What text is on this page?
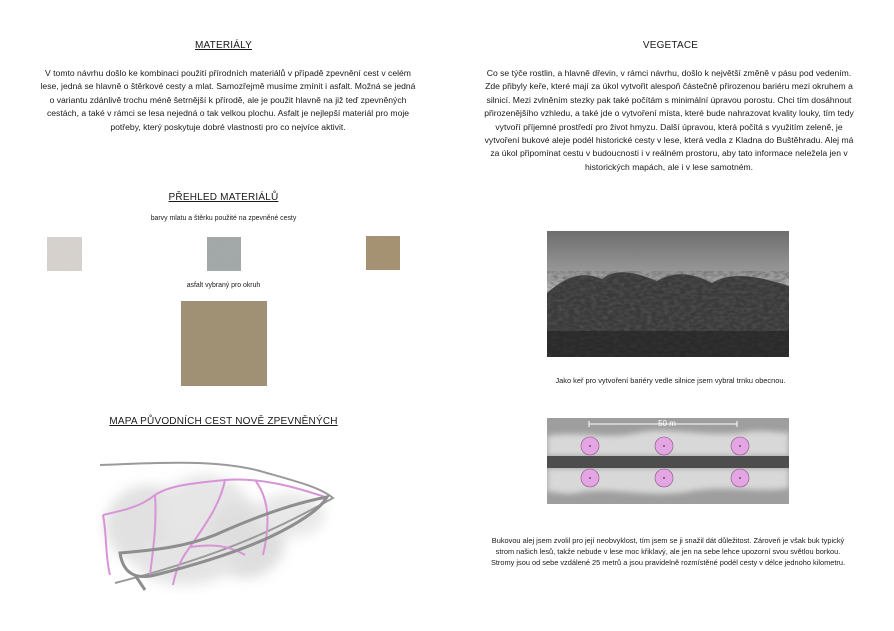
MATERIÁLY
V tomto návrhu došlo ke kombinaci použití přírodních materiálů v případě zpevnění cest v celém lese, jedná se hlavně o štěrkové cesty a mlat. Samozřejmě musíme zmínit i asfalt. Možná se jedná o variantu zdánlivě trochu méně šetrnější k přírodě, ale je použit hlavně na již teď zpevněných cestách, a také v rámci se lesa nejedná o tak velkou plochu. Asfalt je nejlepší materiál pro moje potřeby, který poskytuje dobré vlastnosti pro co nejvíce aktivit.
PŘEHLED MATERIÁLŮ
barvy mlatu a štěrku použité na zpevněné cesty
asfalt vybraný pro okruh
MAPA PŮVODNÍCH CEST NOVĚ ZPEVNĚNÝCH
VEGETACE
Co se týče rostlin, a hlavně dřevin, v rámci návrhu, došlo k největší změně v pásu pod vedením. Zde přibyly keře, které mají za úkol vytvořit alespoň částečně přirozenou bariéru mezi okruhem a silnicí. Mezi zvlněním stezky pak také počítám s minimální úpravou porostu. Chci tím dosáhnout přirozenějšího vzhledu, a také jde o vytvoření místa, které bude nahrazovat kvality louky, tím tedy vytvoří příjemné prostředí pro život hmyzu. Další úpravou, která počítá s využitím zeleně, je vytvoření bukové aleje podél historické cesty v lese, která vedla z Kladna do Buštěhradu. Alej má za úkol připomínat cestu v budoucnosti i v reálném prostoru, aby tato informace neležela jen v historických mapách, ale i v lese samotném.
Jako keř pro vytvoření bariéry vedle silnice jsem vybral trnku obecnou.
50 m
Bukovou alej jsem zvolil pro její neobvyklost, tím jsem se ji snažil dát důležitost. Zároveň je však buk typický strom našich lesů, takže nebude v lese moc křiklavý, ale jen na sebe lehce upozorní svou světlou borkou. Stromy jsou od sebe vzdálené 25 metrů a jsou pravidelně rozmístěné podél cesty v délce jednoho kilometru.
